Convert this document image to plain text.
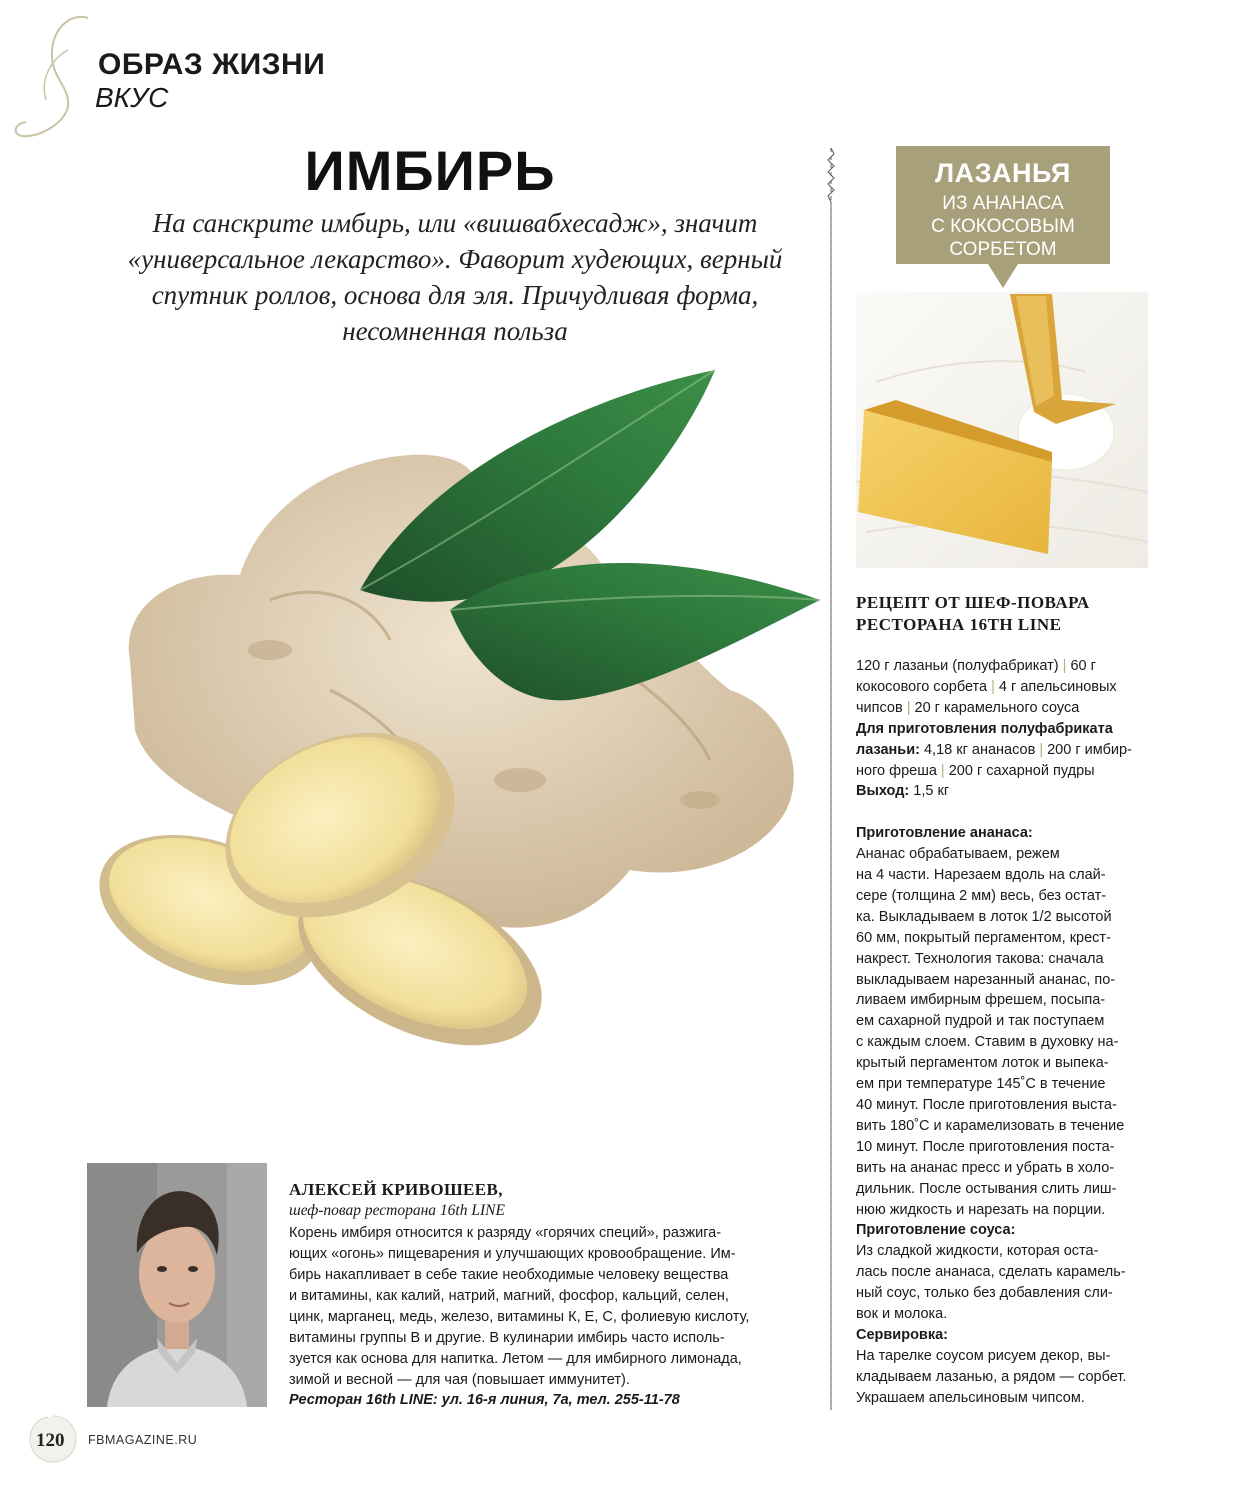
ОБРАЗ ЖИЗНИ
ВКУС
ИМБИРЬ
На санскрите имбирь, или «вишвабхесадж», значит
«универсальное лекарство». Фаворит худеющих, верный
спутник роллов, основа для эля. Причудливая форма,
несомненная польза
ЛАЗАНЬЯ
ИЗ АНАНАСА
С КОКОСОВЫМ
СОРБЕТОМ
РЕЦЕПТ ОТ ШЕФ-ПОВАРА
РЕСТОРАНА 16TH LINE
120 г лазаньи (полуфабрикат) | 60 г
кокосового сорбета | 4 г апельсиновых
чипсов | 20 г карамельного соуса
Для приготовления полуфабриката
лазаньи: 4,18 кг ананасов | 200 г имбир-
ного фреша | 200 г сахарной пудры
Выход: 1,5 кг
Приготовление ананаса:
Ананас обрабатываем, режем
на 4 части. Нарезаем вдоль на слай-
сере (толщина 2 мм) весь, без остат-
ка. Выкладываем в лоток 1/2 высотой
60 мм, покрытый пергаментом, крест-
накрест. Технология такова: сначала
выкладываем нарезанный ананас, по-
ливаем имбирным фрешем, посыпа-
ем сахарной пудрой и так поступаем
с каждым слоем. Ставим в духовку на-
крытый пергаментом лоток и выпека-
ем при температуре 145˚С в течение
40 минут. После приготовления выста-
вить 180˚С и карамелизовать в течение
10 минут. После приготовления поста-
вить на ананас пресс и убрать в холо-
дильник. После остывания слить лиш-
нюю жидкость и нарезать на порции.
Приготовление соуса:
Из сладкой жидкости, которая оста-
лась после ананаса, сделать карамель-
ный соус, только без добавления сли-
вок и молока.
Сервировка:
На тарелке соусом рисуем декор, вы-
кладываем лазанью, а рядом — сорбет.
Украшаем апельсиновым чипсом.
АЛЕКСЕЙ КРИВОШЕЕВ,
шеф-повар ресторана 16th LINE
Корень имбиря относится к разряду «горячих специй», разжига-
ющих «огонь» пищеварения и улучшающих кровообращение. Им-
бирь накапливает в себе такие необходимые человеку вещества
и витамины, как калий, натрий, магний, фосфор, кальций, селен,
цинк, марганец, медь, железо, витамины К, Е, С, фолиевую кислоту,
витамины группы В и другие. В кулинарии имбирь часто исполь-
зуется как основа для напитка. Летом — для имбирного лимонада,
зимой и весной — для чая (повышает иммунитет).
Ресторан 16th LINE: ул. 16-я линия, 7а, тел. 255-11-78
120 FBMAGAZINE.RU
